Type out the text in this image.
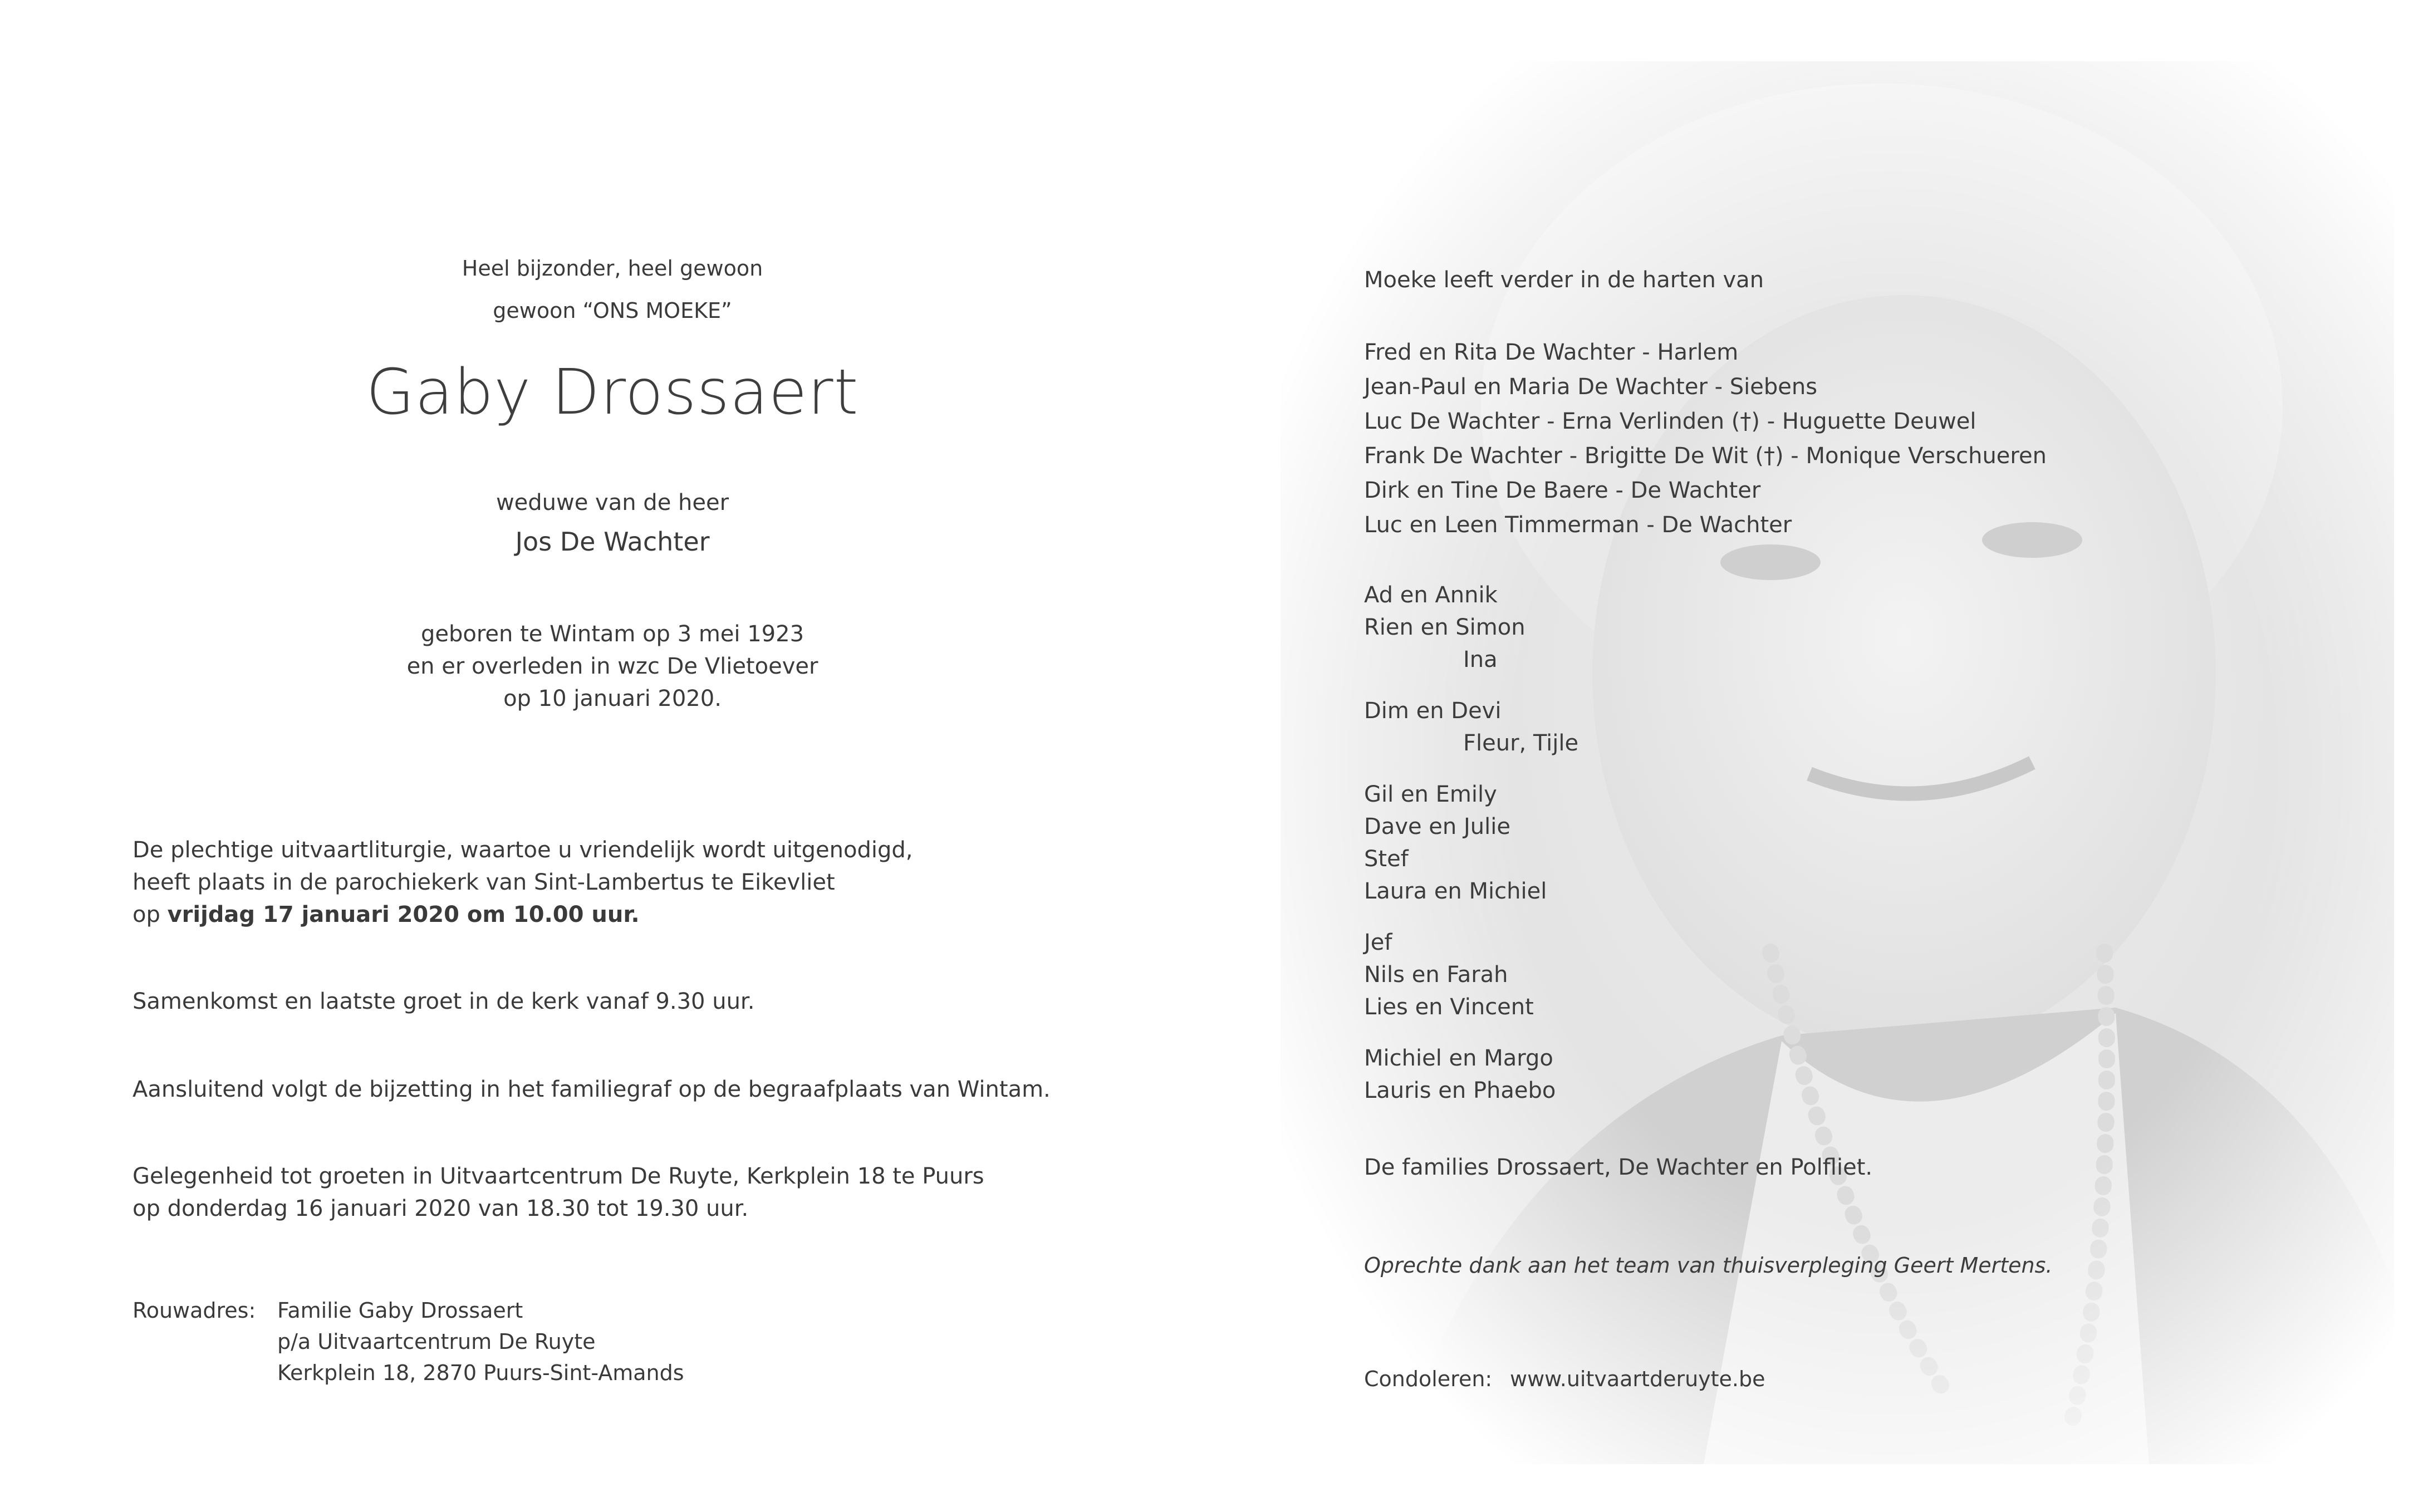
Heel bijzonder, heel gewoon
gewoon “ONS MOEKE”
Gaby Drossaert
weduwe van de heer
Jos De Wachter
geboren te Wintam op 3 mei 1923
en er overleden in wzc De Vlietoever
op 10 januari 2020.
De plechtige uitvaartliturgie, waartoe u vriendelijk wordt uitgenodigd,
heeft plaats in de parochiekerk van Sint-Lambertus te Eikevliet
op vrijdag 17 januari 2020 om 10.00 uur.
Samenkomst en laatste groet in de kerk vanaf 9.30 uur.
Aansluitend volgt de bijzetting in het familiegraf op de begraafplaats van Wintam.
Gelegenheid tot groeten in Uitvaartcentrum De Ruyte, Kerkplein 18 te Puurs
op donderdag 16 januari 2020 van 18.30 tot 19.30 uur.
Rouwadres: Familie Gaby Drossaert
p/a Uitvaartcentrum De Ruyte
Kerkplein 18, 2870 Puurs-Sint-Amands
Moeke leeft verder in de harten van
Fred en Rita De Wachter - Harlem
Jean-Paul en Maria De Wachter - Siebens
Luc De Wachter - Erna Verlinden (†) - Huguette Deuwel
Frank De Wachter - Brigitte De Wit (†) - Monique Verschueren
Dirk en Tine De Baere - De Wachter
Luc en Leen Timmerman - De Wachter
Ad en Annik
Rien en Simon
Ina
Dim en Devi
Fleur, Tijle
Gil en Emily
Dave en Julie
Stef
Laura en Michiel
Jef
Nils en Farah
Lies en Vincent
Michiel en Margo
Lauris en Phaebo
De families Drossaert, De Wachter en Polfliet.
Oprechte dank aan het team van thuisverpleging Geert Mertens.
Condoleren: www.uitvaartderuyte.be
